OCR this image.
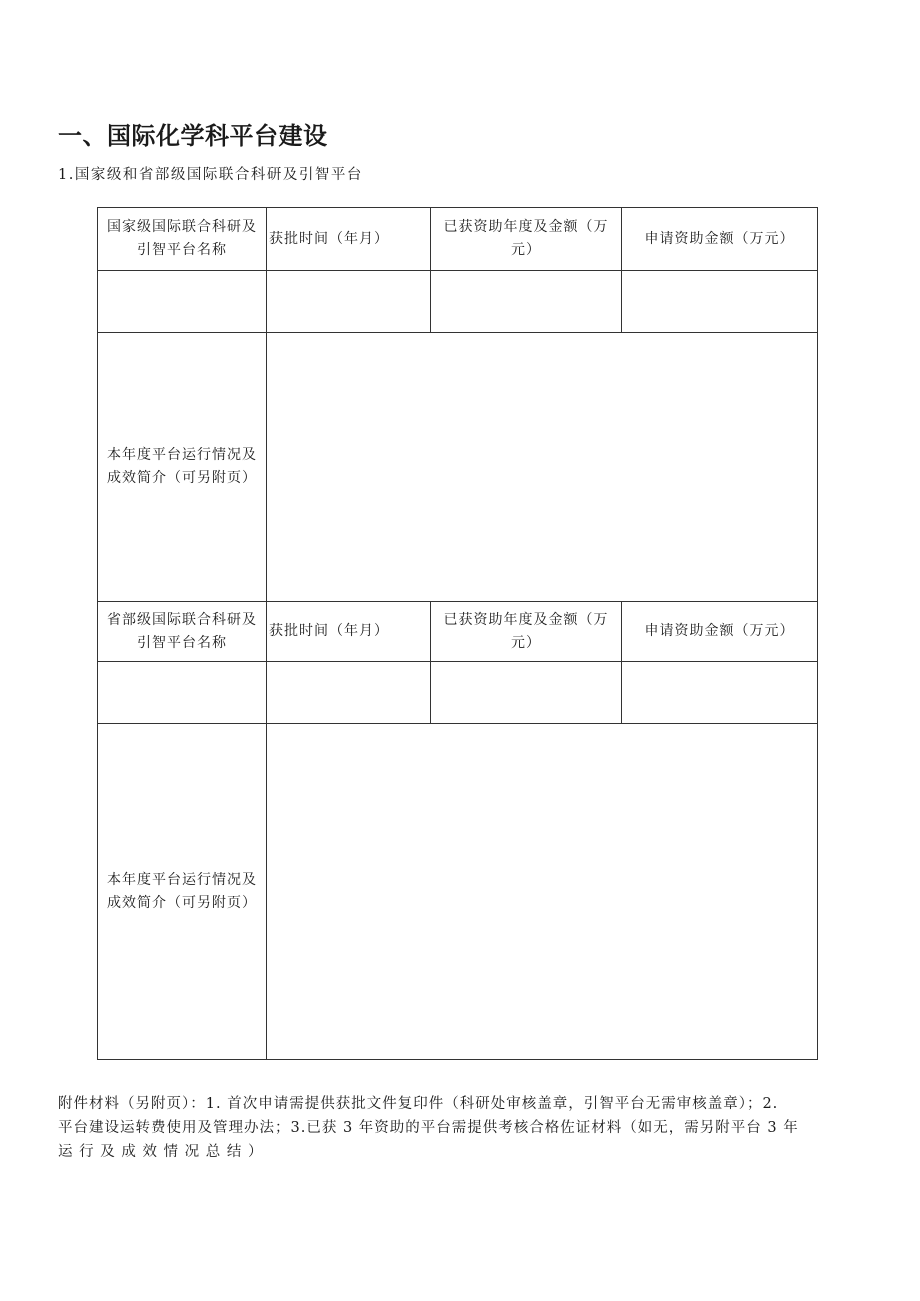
一、国际化学科平台建设

1.国家级和省部级国际联合科研及引智平台

国家级国际联合科研及引智平台名称	获批时间（年月）	已获资助年度及金额（万元）	申请资助金额（万元）

本年度平台运行情况及成效简介（可另附页）			
省部级国际联合科研及引智平台名称	获批时间（年月）	已获资助年度及金额（万元）	申请资助金额（万元）

本年度平台运行情况及成效简介（可另附页）			
附件材料（另附页）：1. 首次申请需提供获批文件复印件（科研处审核盖章，引智平台无需审核盖章）；2.
平台建设运转费使用及管理办法；3.已获 3 年资助的平台需提供考核合格佐证材料（如无，需另附平台 3 年
运 行 及 成 效 情 况 总 结 ）
